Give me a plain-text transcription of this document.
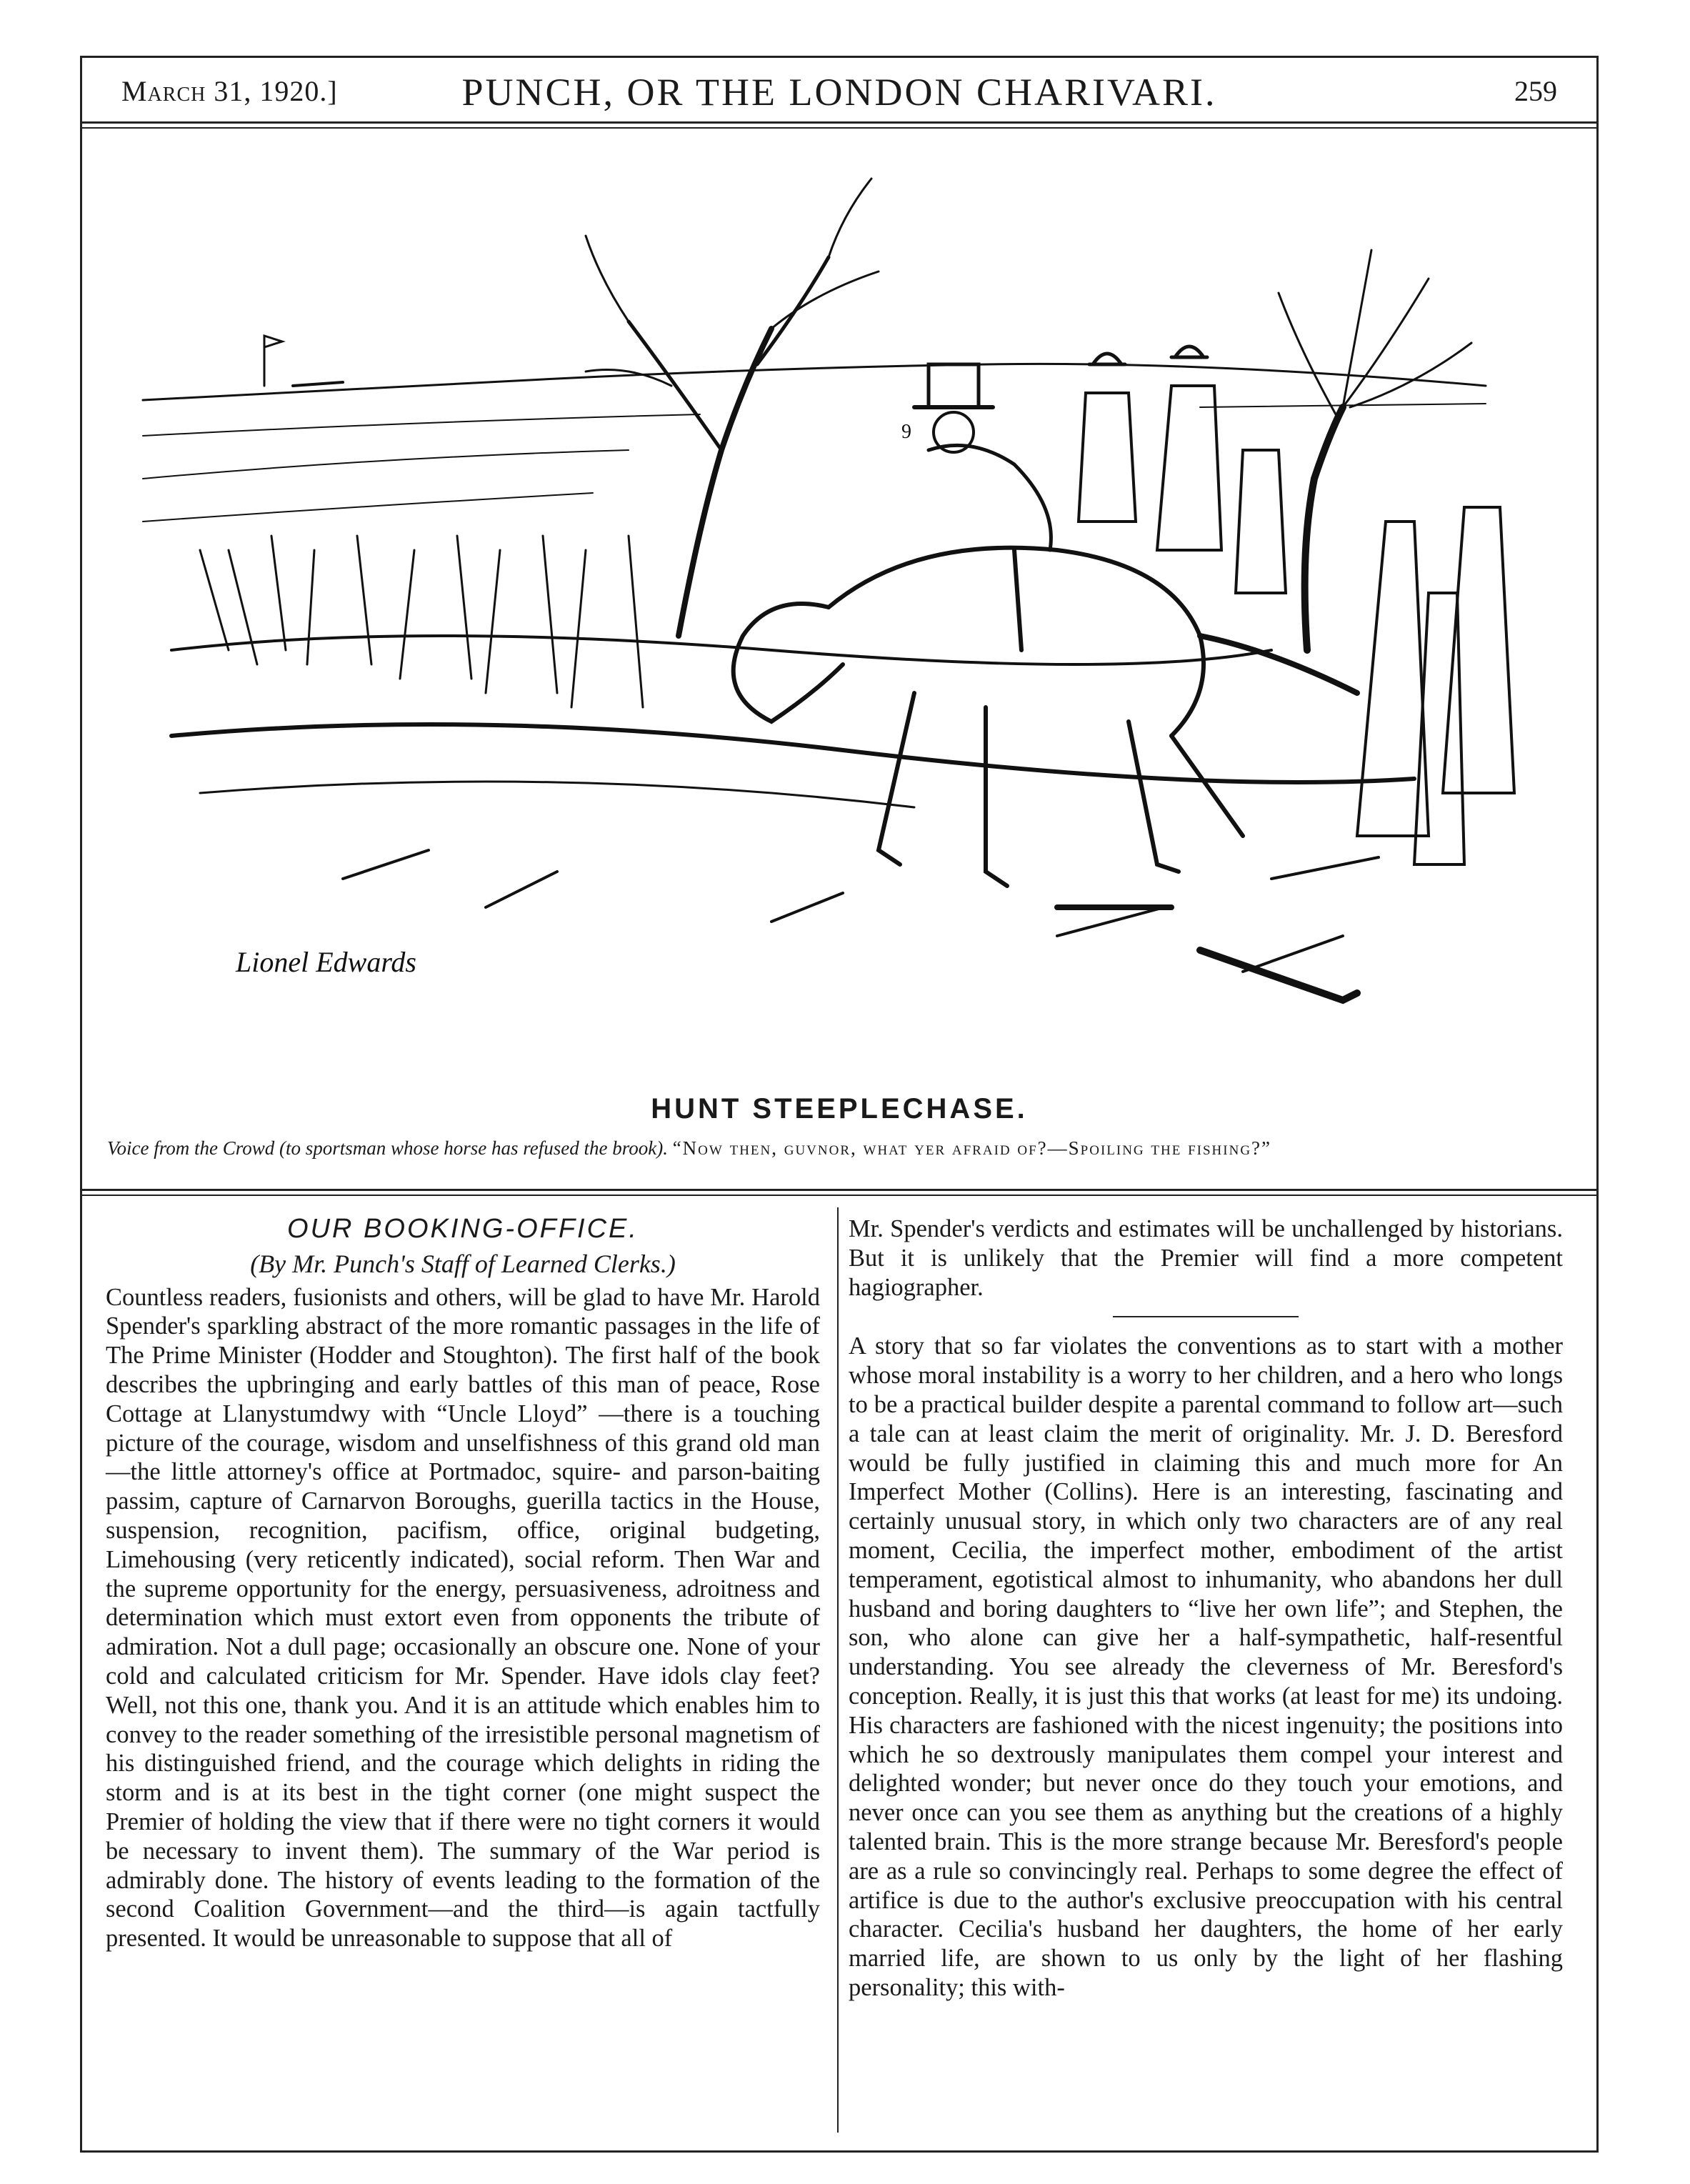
March 31, 1920.]	PUNCH, OR THE LONDON CHARIVARI.	259
9
Lionel Edwards
HUNT STEEPLECHASE.
Voice from the Crowd (to sportsman whose horse has refused the brook). “Now then, guvnor, what yer afraid of?—Spoiling the fishing?”
OUR BOOKING-OFFICE.
(By Mr. Punch's Staff of Learned Clerks.)

Countless readers, fusionists and others, will be glad to have Mr. Harold Spender's sparkling abstract of the more romantic passages in the life of The Prime Minister (Hodder and Stoughton). The first half of the book describes the upbringing and early battles of this man of peace, Rose Cottage at Llanystumdwy with “Uncle Lloyd” —there is a touching picture of the courage, wisdom and unselfishness of this grand old man—the little attorney's office at Portmadoc, squire- and parson-baiting passim, capture of Carnarvon Boroughs, guerilla tactics in the House, suspension, recognition, pacifism, office, original budgeting, Limehousing (very reticently indicated), social reform. Then War and the supreme opportunity for the energy, persuasiveness, adroitness and determination which must extort even from opponents the tribute of admiration. Not a dull page; occasionally an obscure one. None of your cold and calculated criticism for Mr. Spender. Have idols clay feet? Well, not this one, thank you. And it is an attitude which enables him to convey to the reader something of the irresistible personal magnetism of his distinguished friend, and the courage which delights in riding the storm and is at its best in the tight corner (one might suspect the Premier of holding the view that if there were no tight corners it would be necessary to invent them). The summary of the War period is admirably done. The history of events leading to the formation of the second Coalition Government—and the third—is again tactfully presented. It would be unreasonable to suppose that all of

Mr. Spender's verdicts and estimates will be unchallenged by historians. But it is unlikely that the Premier will find a more competent hagiographer.

A story that so far violates the conventions as to start with a mother whose moral instability is a worry to her children, and a hero who longs to be a practical builder despite a parental command to follow art—such a tale can at least claim the merit of originality. Mr. J. D. Beresford would be fully justified in claiming this and much more for An Imperfect Mother (Collins). Here is an interesting, fascinating and certainly unusual story, in which only two characters are of any real moment, Cecilia, the imperfect mother, embodiment of the artist temperament, egotistical almost to inhumanity, who abandons her dull husband and boring daughters to “live her own life”; and Stephen, the son, who alone can give her a half-sympathetic, half-resentful understanding. You see already the cleverness of Mr. Beresford's conception. Really, it is just this that works (at least for me) its undoing. His characters are fashioned with the nicest ingenuity; the positions into which he so dextrously manipulates them compel your interest and delighted wonder; but never once do they touch your emotions, and never once can you see them as anything but the creations of a highly talented brain. This is the more strange because Mr. Beresford's people are as a rule so convincingly real. Perhaps to some degree the effect of artifice is due to the author's exclusive preoccupation with his central character. Cecilia's husband her daughters, the home of her early married life, are shown to us only by the light of her flashing personality; this with-
